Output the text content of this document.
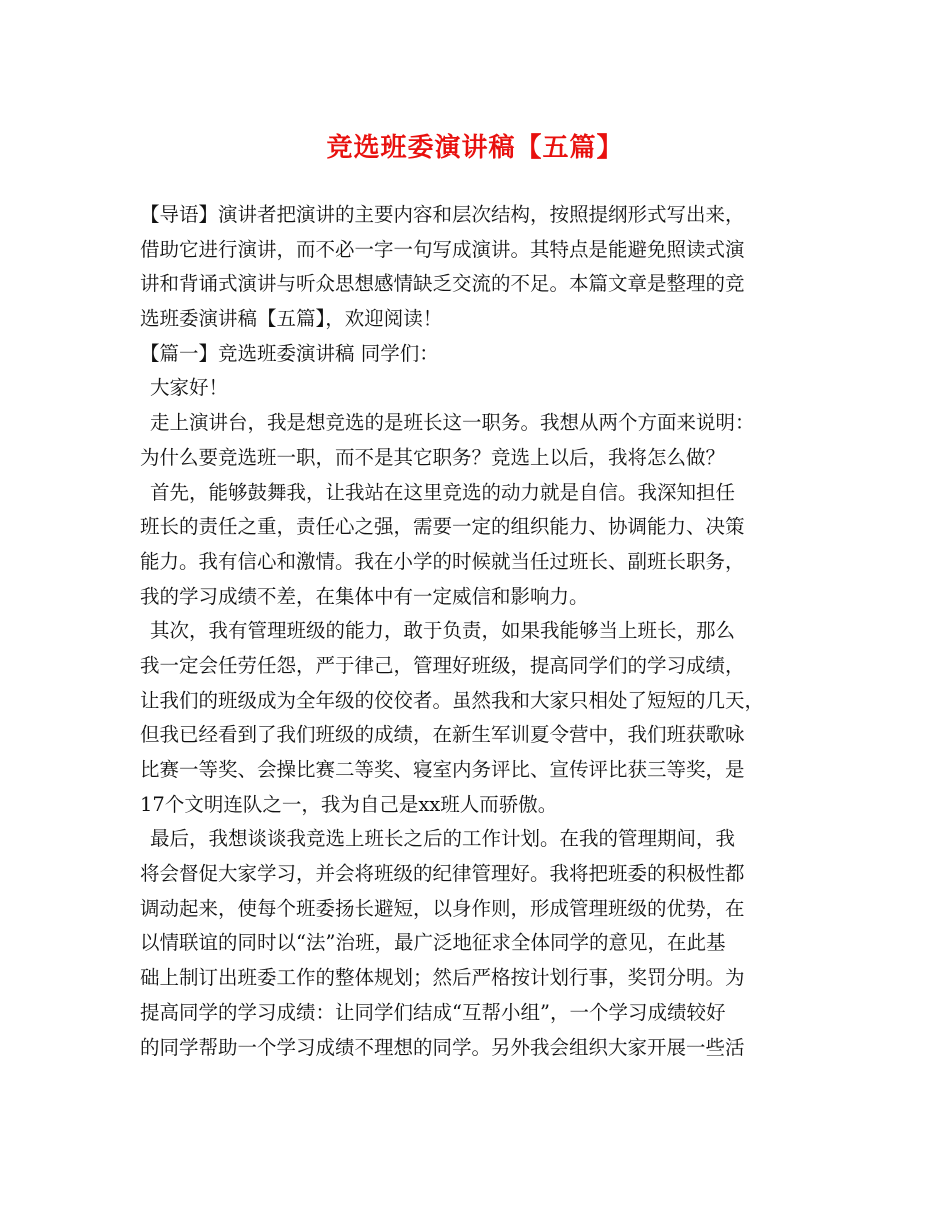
竞选班委演讲稿【五篇】
【导语】演讲者把演讲的主要内容和层次结构，按照提纲形式写出来，
借助它进行演讲，而不必一字一句写成演讲。其特点是能避免照读式演
讲和背诵式演讲与听众思想感情缺乏交流的不足。本篇文章是整理的竞
选班委演讲稿【五篇】，欢迎阅读！
【篇一】竞选班委演讲稿 同学们：
大家好！
走上演讲台，我是想竞选的是班长这一职务。我想从两个方面来说明：
为什么要竞选班一职，而不是其它职务？竞选上以后，我将怎么做？
首先，能够鼓舞我，让我站在这里竞选的动力就是自信。我深知担任
班长的责任之重，责任心之强，需要一定的组织能力、协调能力、决策
能力。我有信心和激情。我在小学的时候就当任过班长、副班长职务，
我的学习成绩不差，在集体中有一定威信和影响力。
其次，我有管理班级的能力，敢于负责，如果我能够当上班长，那么
我一定会任劳任怨，严于律己，管理好班级，提高同学们的学习成绩，
让我们的班级成为全年级的佼佼者。虽然我和大家只相处了短短的几天，
但我已经看到了我们班级的成绩，在新生军训夏令营中，我们班获歌咏
比赛一等奖、会操比赛二等奖、寝室内务评比、宣传评比获三等奖，是
17个文明连队之一，我为自己是xx班人而骄傲。
最后，我想谈谈我竞选上班长之后的工作计划。在我的管理期间，我
将会督促大家学习，并会将班级的纪律管理好。我将把班委的积极性都
调动起来，使每个班委扬长避短，以身作则，形成管理班级的优势，在
以情联谊的同时以“法”治班，最广泛地征求全体同学的意见，在此基
础上制订出班委工作的整体规划；然后严格按计划行事，奖罚分明。为
提高同学的学习成绩：让同学们结成“互帮小组”，一个学习成绩较好
的同学帮助一个学习成绩不理想的同学。另外我会组织大家开展一些活
